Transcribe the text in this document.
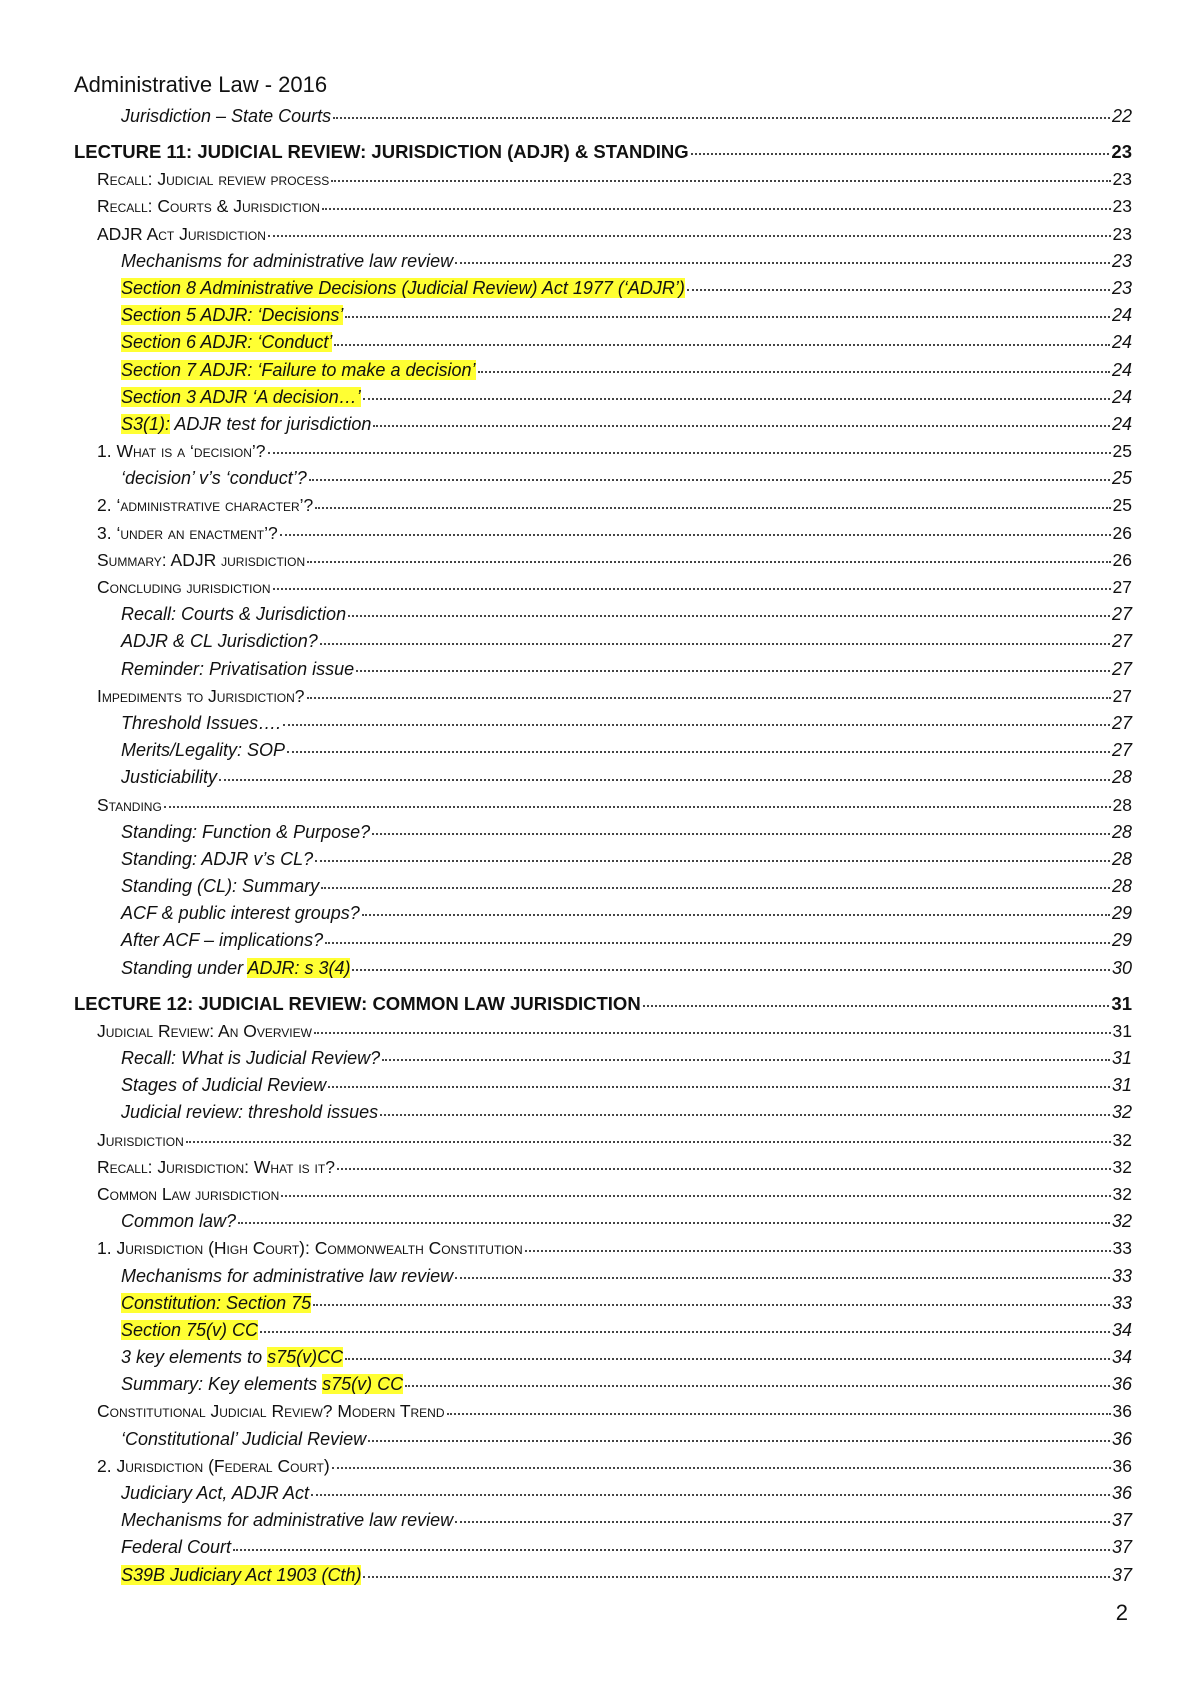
Administrative Law - 2016
Jurisdiction – State Courts	22
LECTURE 11: JUDICIAL REVIEW: JURISDICTION (ADJR) & STANDING	23
Recall: Judicial review process	23
Recall: Courts & Jurisdiction	23
ADJR Act Jurisdiction	23
Mechanisms for administrative law review	23
Section 8 Administrative Decisions (Judicial Review) Act 1977 (‘ADJR’)	23
Section 5 ADJR: ‘Decisions’	24
Section 6 ADJR: ‘Conduct’	24
Section 7 ADJR: ‘Failure to make a decision’	24
Section 3 ADJR ‘A decision…’	24
S3(1): ADJR test for jurisdiction	24
1. What is a ‘decision’?	25
‘decision’ v’s ‘conduct’?	25
2. ‘administrative character’?	25
3. ‘under an enactment’?	26
Summary: ADJR jurisdiction	26
Concluding jurisdiction	27
Recall: Courts & Jurisdiction	27
ADJR & CL Jurisdiction?	27
Reminder: Privatisation issue	27
Impediments to Jurisdiction?	27
Threshold Issues….	27
Merits/Legality: SOP	27
Justiciability	28
Standing	28
Standing: Function & Purpose?	28
Standing: ADJR v’s CL?	28
Standing (CL): Summary	28
ACF & public interest groups?	29
After ACF – implications?	29
Standing under ADJR: s 3(4)	30
LECTURE 12: JUDICIAL REVIEW: COMMON LAW JURISDICTION	31
Judicial Review: An Overview	31
Recall: What is Judicial Review?	31
Stages of Judicial Review	31
Judicial review: threshold issues	32
Jurisdiction	32
Recall: Jurisdiction: What is it?	32
Common Law jurisdiction	32
Common law?	32
1. Jurisdiction (High Court): Commonwealth Constitution	33
Mechanisms for administrative law review	33
Constitution: Section 75	33
Section 75(v) CC	34
3 key elements to s75(v)CC	34
Summary: Key elements s75(v) CC	36
Constitutional Judicial Review? Modern Trend	36
‘Constitutional’ Judicial Review	36
2. Jurisdiction (Federal Court)	36
Judiciary Act, ADJR Act	36
Mechanisms for administrative law review	37
Federal Court	37
S39B Judiciary Act 1903 (Cth)	37
2
